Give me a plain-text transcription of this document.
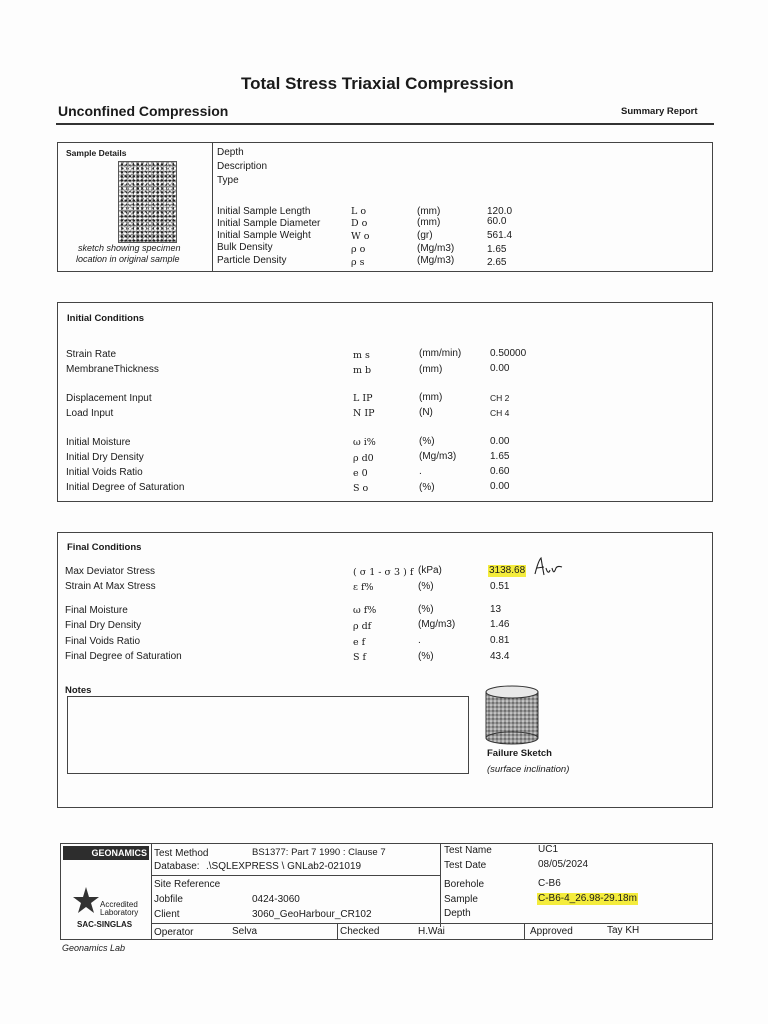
Total Stress Triaxial Compression
Unconfined Compression	Summary Report
Sample Details
sketch showing specimen
location in original sample
Depth
Description
Type
Initial Sample Length	L o	(mm)	120.0
Initial Sample Diameter	D o	(mm)	60.0
Initial Sample Weight	W o	(gr)	561.4
Bulk Density	ρ o	(Mg/m3)	1.65
Particle Density	ρ s	(Mg/m3)	2.65
Initial Conditions
Strain Rate	m s	(mm/min)	0.50000
MembraneThickness	m b	(mm)	0.00
Displacement Input	L IP	(mm)	CH 2
Load Input	N IP	(N)	CH 4
Initial Moisture	ω i%	(%)	0.00
Initial Dry Density	ρ d0	(Mg/m3)	1.65
Initial Voids Ratio	e 0	.	0.60
Initial Degree of Saturation	S o	(%)	0.00
Final Conditions
Max Deviator Stress	( σ 1 - σ 3 ) f (kPa)	3138.68
Strain At Max Stress	ε f%	(%)	0.51
Final Moisture	ω f%	(%)	13
Final Dry Density	ρ df	(Mg/m3)	1.46
Final Voids Ratio	e f	.	0.81
Final Degree of Saturation	S f	(%)	43.4
Notes
Failure Sketch
(surface inclination)
GEONAMICS
Accredited
Laboratory
SAC-SINGLAS
Test Method	BS1377: Part 7 1990 : Clause 7
Database: .\SQLEXPRESS \ GNLab2-021019
Site Reference
Jobfile	0424-3060
Client	3060_GeoHarbour_CR102
Operator	Selva	Checked	H.Wai	Approved	Tay KH
Test Name	UC1
Test Date	08/05/2024
Borehole	C-B6
Sample	C-B6-4_26.98-29.18m
Depth
Geonamics Lab
